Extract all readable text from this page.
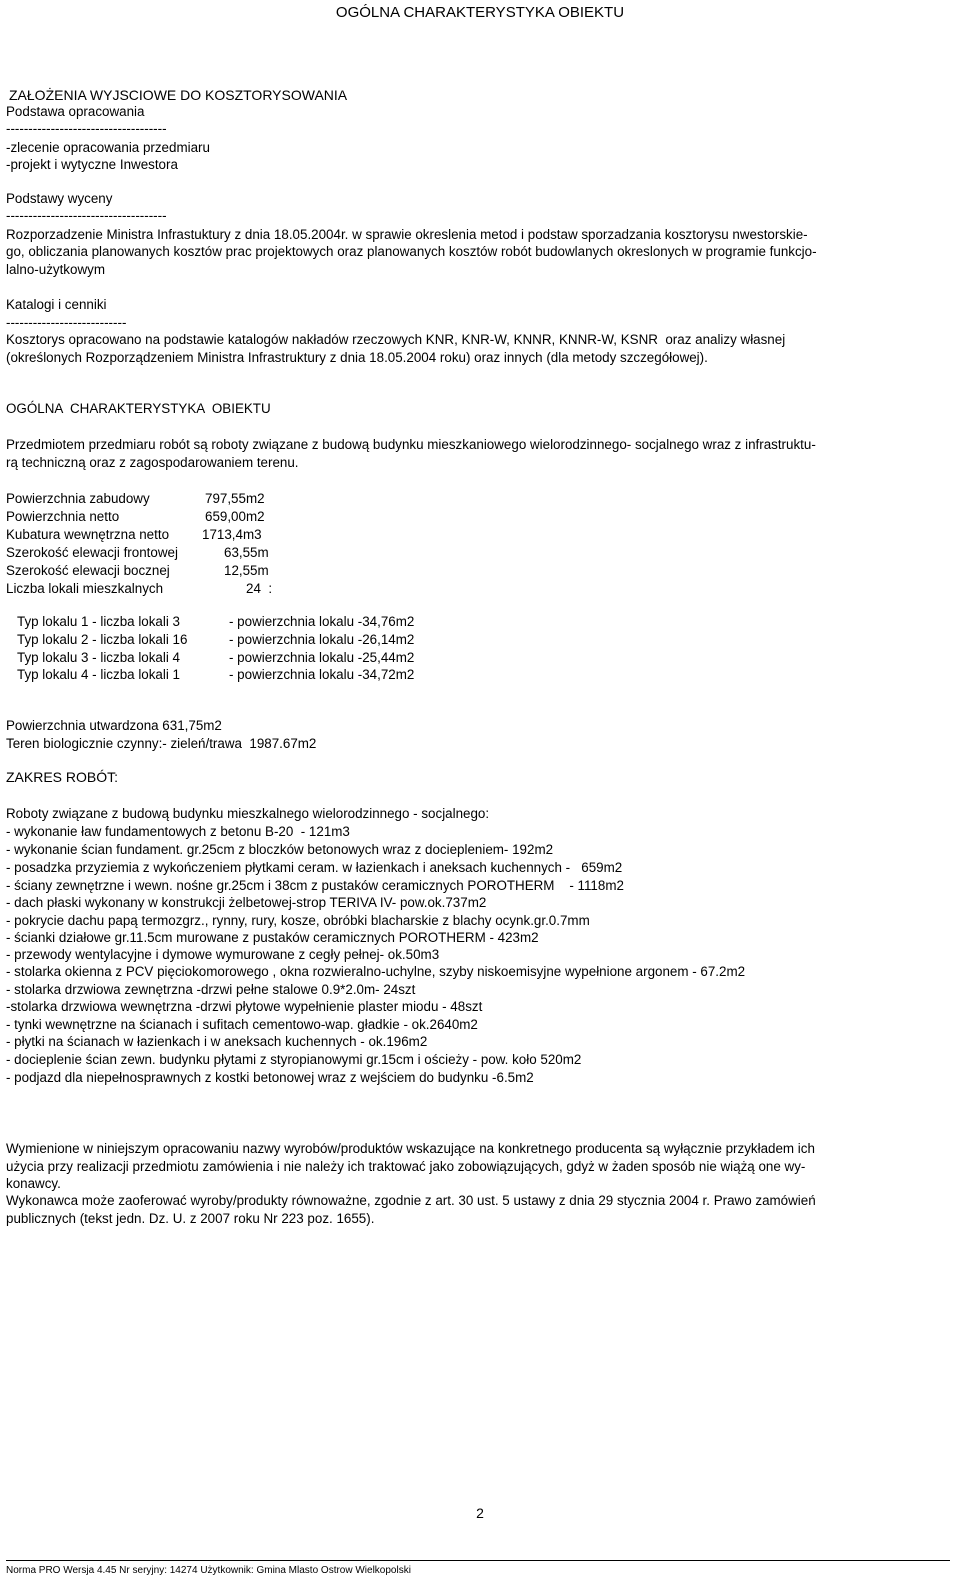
OGÓLNA CHARAKTERYSTYKA OBIEKTU
ZAŁOŻENIA WYJSCIOWE DO KOSZTORYSOWANIA
Podstawa opracowania
------------------------------------
-zlecenie opracowania przedmiaru
-projekt i wytyczne Inwestora
Podstawy wyceny
------------------------------------
Rozporzadzenie Ministra Infrastuktury z dnia 18.05.2004r. w sprawie okreslenia metod i podstaw sporzadzania kosztorysu nwestorskie-
go, obliczania planowanych kosztów prac projektowych oraz planowanych kosztów robót budowlanych okreslonych w programie funkcjo-
lalno-użytkowym
Katalogi i cenniki
---------------------------
Kosztorys opracowano na podstawie katalogów nakładów rzeczowych KNR, KNR-W, KNNR, KNNR-W, KSNR  oraz analizy własnej
(określonych Rozporządzeniem Ministra Infrastruktury z dnia 18.05.2004 roku) oraz innych (dla metody szczegółowej).
OGÓLNA  CHARAKTERYSTYKA  OBIEKTU
Przedmiotem przedmiaru robót są roboty związane z budową budynku mieszkaniowego wielorodzinnego- socjalnego wraz z infrastruktu-
rą techniczną oraz z zagospodarowaniem terenu.
Powierzchnia zabudowy	797,55m2
Powierzchnia netto	659,00m2
Kubatura wewnętrzna netto 1713,4m3
Szerokość elewacji frontowej	63,55m
Szerokość elewacji bocznej	12,55m
Liczba lokali mieszkalnych	24  :
Typ lokalu 1 - liczba lokali 3	- powierzchnia lokalu -34,76m2
Typ lokalu 2 - liczba lokali 16	- powierzchnia lokalu -26,14m2
Typ lokalu 3 - liczba lokali 4	- powierzchnia lokalu -25,44m2
Typ lokalu 4 - liczba lokali 1	- powierzchnia lokalu -34,72m2
Powierzchnia utwardzona 631,75m2
Teren biologicznie czynny:- zieleń/trawa  1987.67m2
ZAKRES ROBÓT:
Roboty związane z budową budynku mieszkalnego wielorodzinnego - socjalnego:
- wykonanie ław fundamentowych z betonu B-20  - 121m3
- wykonanie ścian fundament. gr.25cm z bloczków betonowych wraz z dociepleniem- 192m2
- posadzka przyziemia z wykończeniem płytkami ceram. w łazienkach i aneksach kuchennych -   659m2
- ściany zewnętrzne i wewn. nośne gr.25cm i 38cm z pustaków ceramicznych POROTHERM    - 1118m2
- dach płaski wykonany w konstrukcji żelbetowej-strop TERIVA IV- pow.ok.737m2
- pokrycie dachu papą termozgrz., rynny, rury, kosze, obróbki blacharskie z blachy ocynk.gr.0.7mm
- ścianki działowe gr.11.5cm murowane z pustaków ceramicznych POROTHERM - 423m2
- przewody wentylacyjne i dymowe wymurowane z cegły pełnej- ok.50m3
- stolarka okienna z PCV pięciokomorowego , okna rozwieralno-uchylne, szyby niskoemisyjne wypełnione argonem - 67.2m2
- stolarka drzwiowa zewnętrzna -drzwi pełne stalowe 0.9*2.0m- 24szt
-stolarka drzwiowa wewnętrzna -drzwi płytowe wypełnienie plaster miodu - 48szt
- tynki wewnętrzne na ścianach i sufitach cementowo-wap. gładkie - ok.2640m2
- płytki na ścianach w łazienkach i w aneksach kuchennych - ok.196m2
- docieplenie ścian zewn. budynku płytami z styropianowymi gr.15cm i ościeży - pow. koło 520m2
- podjazd dla niepełnosprawnych z kostki betonowej wraz z wejściem do budynku -6.5m2
Wymienione w niniejszym opracowaniu nazwy wyrobów/produktów wskazujące na konkretnego producenta są wyłącznie przykładem ich
użycia przy realizacji przedmiotu zamówienia i nie należy ich traktować jako zobowiązujących, gdyż w żaden sposób nie wiążą one wy-
konawcy.
Wykonawca może zaoferować wyroby/produkty równoważne, zgodnie z art. 30 ust. 5 ustawy z dnia 29 stycznia 2004 r. Prawo zamówień
publicznych (tekst jedn. Dz. U. z 2007 roku Nr 223 poz. 1655).
2
Norma PRO Wersja 4.45 Nr seryjny: 14274 Użytkownik: Gmina Mlasto Ostrow Wielkopolski
